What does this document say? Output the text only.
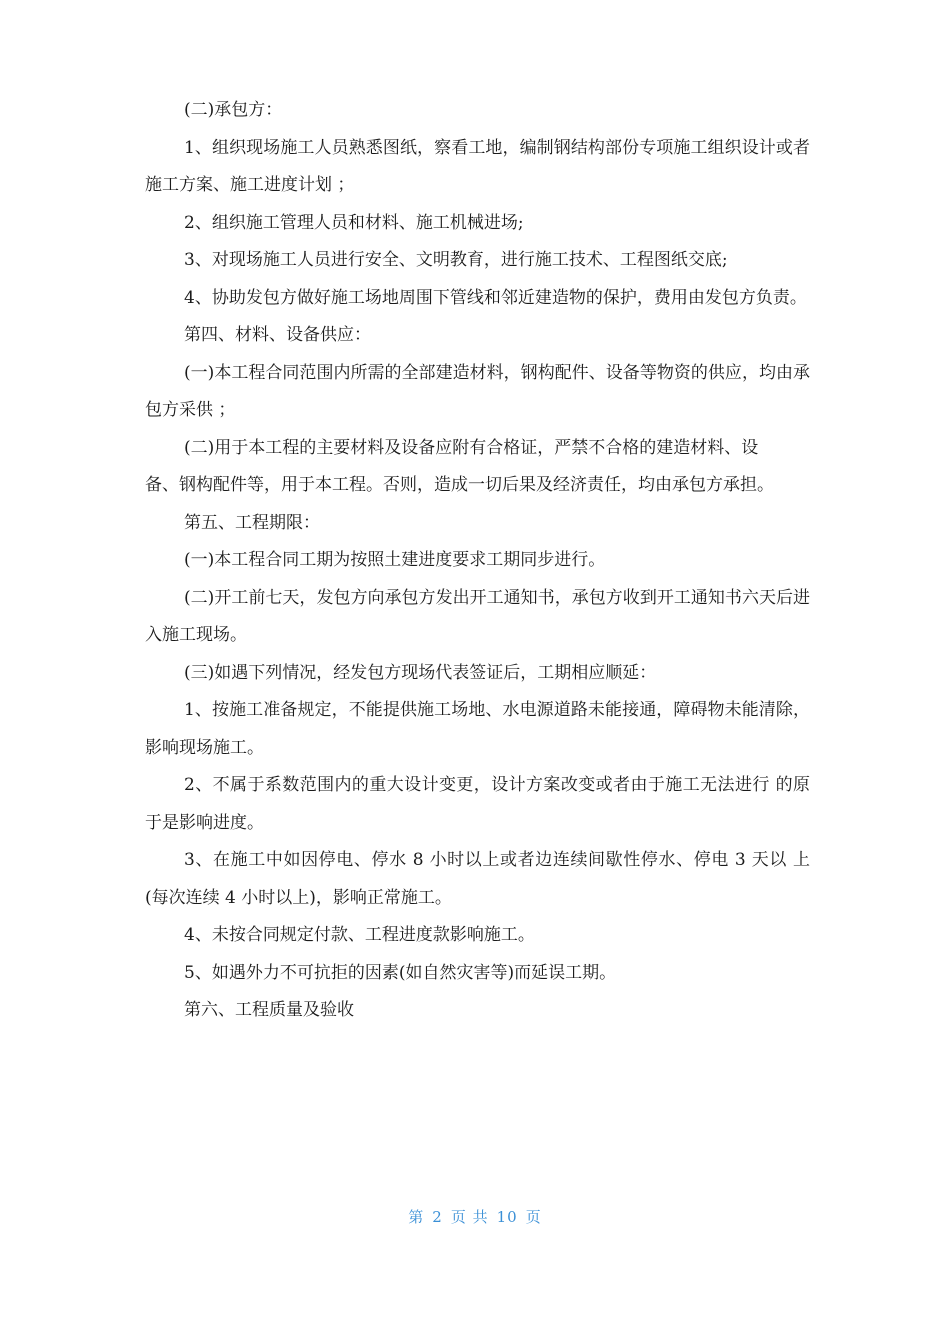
(二)承包方：

1、组织现场施工人员熟悉图纸，察看工地，编制钢结构部份专项施工组织设计或者施工方案、施工进度计划 ；

2、组织施工管理人员和材料、施工机械进场;

3、对现场施工人员进行安全、文明教育，进行施工技术、工程图纸交底;

4、协助发包方做好施工场地周围下管线和邻近建造物的保护，费用由发包方负责。

第四、材料、设备供应：

(一)本工程合同范围内所需的全部建造材料，钢构配件、设备等物资的供应，均由承包方采供 ；

(二)用于本工程的主要材料及设备应附有合格证，严禁不合格的建造材料、设

备、钢构配件等，用于本工程。否则，造成一切后果及经济责任，均由承包方承担。

第五、工程期限：

(一)本工程合同工期为按照土建进度要求工期同步进行。

(二)开工前七天，发包方向承包方发出开工通知书，承包方收到开工通知书六天后进入施工现场。

(三)如遇下列情况，经发包方现场代表签证后，工期相应顺延：

1、按施工准备规定，不能提供施工场地、水电源道路未能接通，障碍物未能清除，影响现场施工。

2、不属于系数范围内的重大设计变更，设计方案改变或者由于施工无法进行 的原于是影响进度。

3、在施工中如因停电、停水 8 小时以上或者边连续间歇性停水、停电 3 天以 上(每次连续 4 小时以上)，影响正常施工。

4、未按合同规定付款、工程进度款影响施工。

5、如遇外力不可抗拒的因素(如自然灾害等)而延误工期。

第六、工程质量及验收

第 2 页 共 10 页
